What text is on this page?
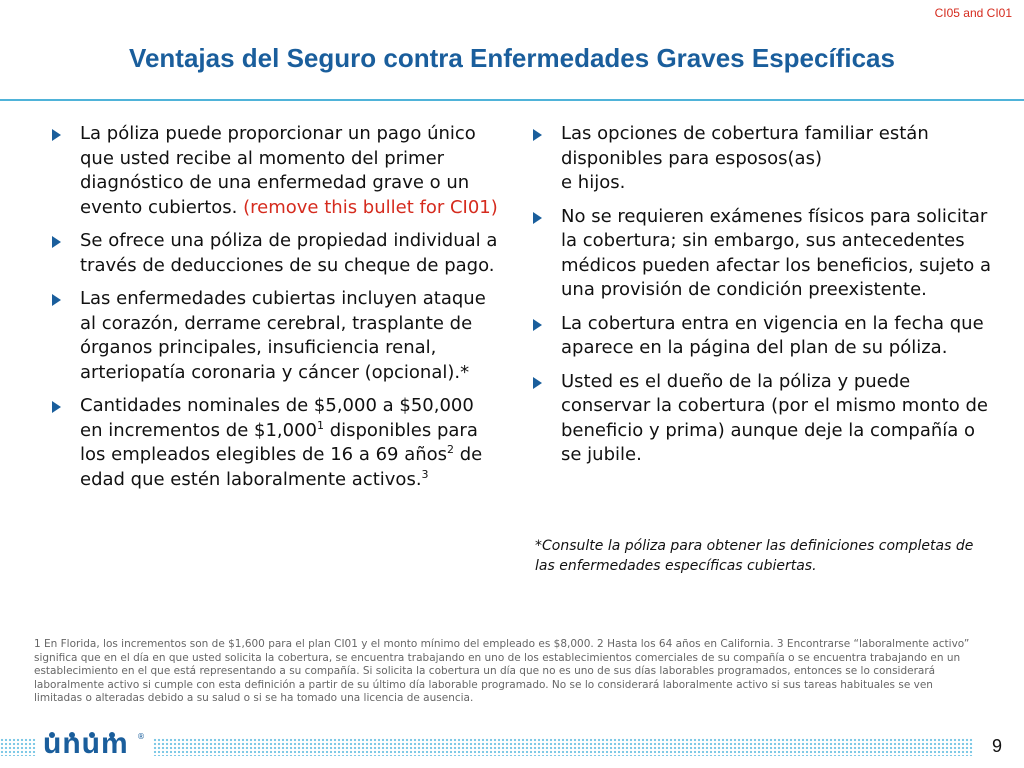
CI05 and CI01
Ventajas del Seguro contra Enfermedades Graves Específicas
La póliza puede proporcionar un pago único que usted recibe al momento del primer diagnóstico de una enfermedad grave o un evento cubiertos. (remove this bullet for CI01)
Se ofrece una póliza de propiedad individual a través de deducciones de su cheque de pago.
Las enfermedades cubiertas incluyen ataque al corazón, derrame cerebral, trasplante de órganos principales, insuficiencia renal, arteriopatía coronaria y cáncer (opcional).*
Cantidades nominales de $5,000 a $50,000 en incrementos de $1,000$^1$ disponibles para los empleados elegibles de 16 a 69 años$^2$ de edad que estén laboralmente activos.$^3$
Las opciones de cobertura familiar están disponibles para esposos(as)
e hijos.
No se requieren exámenes físicos para solicitar la cobertura; sin embargo, sus antecedentes médicos pueden afectar los beneficios, sujeto a una provisión de condición preexistente.
La cobertura entra en vigencia en la fecha que aparece en la página del plan de su póliza.
Usted es el dueño de la póliza y puede conservar la cobertura (por el mismo monto de beneficio y prima) aunque deje la compañía o se jubile.
*Consulte la póliza para obtener las definiciones completas de las enfermedades específicas cubiertas.
1 En Florida, los incrementos son de $1,600 para el plan CI01 y el monto mínimo del empleado es $8,000. 2 Hasta los 64 años en California. 3 Encontrarse “laboralmente activo” significa que en el día en que usted solicita la cobertura, se encuentra trabajando en uno de los establecimientos comerciales de su compañía o se encuentra trabajando en un establecimiento en el que está representando a su compañía. Si solicita la cobertura un día que no es uno de sus días laborables programados, entonces se lo considerará laboralmente activo si cumple con esta definición a partir de su último día laborable programado. No se lo considerará laboralmente activo si sus tareas habituales se ven limitadas o alteradas debido a su salud o si se ha tomado una licencia de ausencia.
unum ®	9
